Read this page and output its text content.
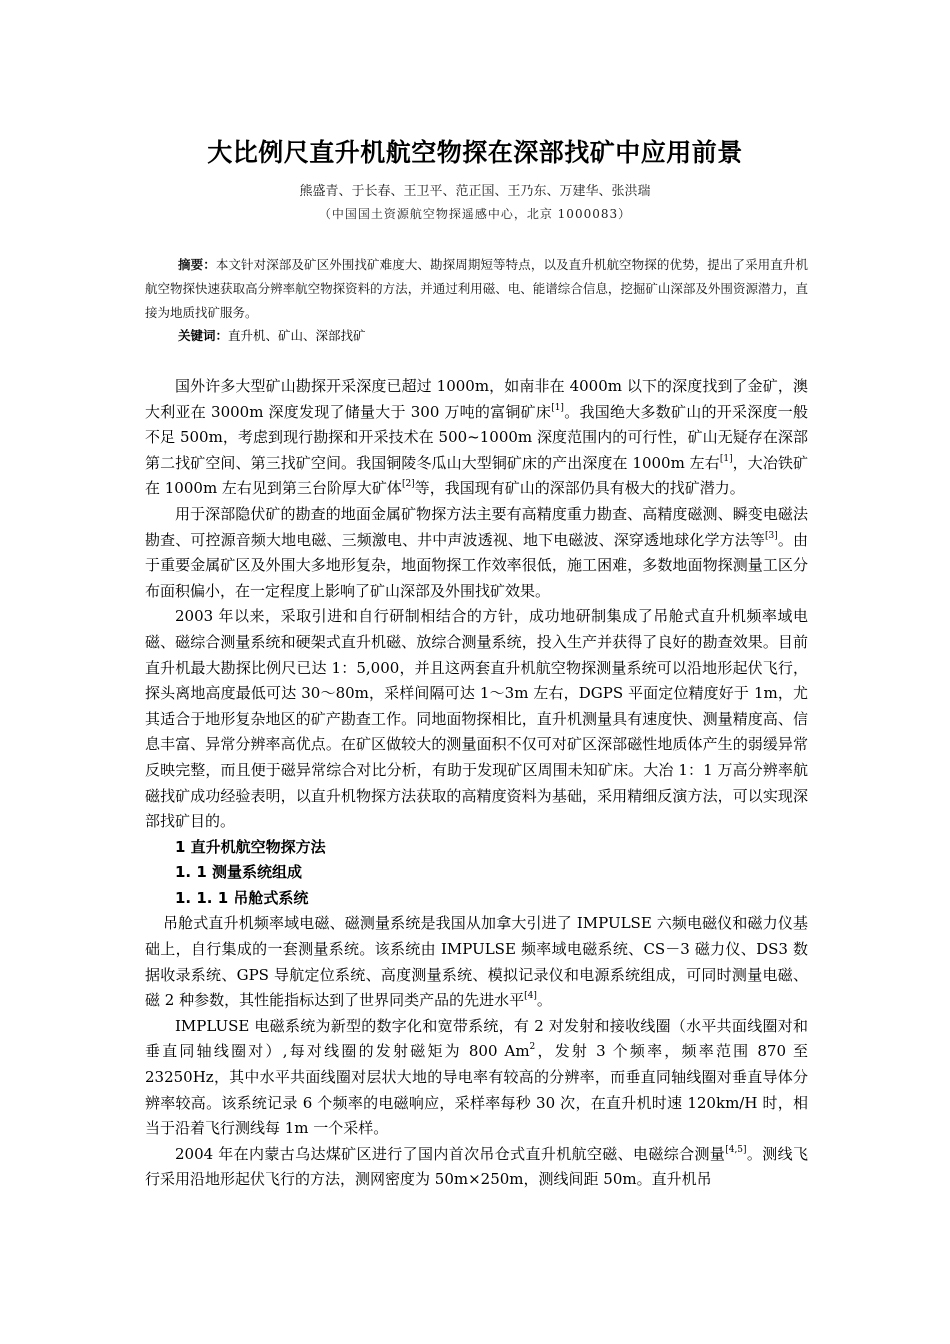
大比例尺直升机航空物探在深部找矿中应用前景
熊盛青、于长春、王卫平、范正国、王乃东、万建华、张洪瑞
（中国国土资源航空物探遥感中心，北京 1000083）

摘要：本文针对深部及矿区外围找矿难度大、勘探周期短等特点，以及直升机航空物探的优势，提出了采用直升机航空物探快速获取高分辨率航空物探资料的方法，并通过利用磁、电、能谱综合信息，挖掘矿山深部及外围资源潜力，直接为地质找矿服务。

关键词：直升机、矿山、深部找矿

国外许多大型矿山勘探开采深度已超过 1000m，如南非在 4000m 以下的深度找到了金矿，澳大利亚在 3000m 深度发现了储量大于 300 万吨的富铜矿床[1]。我国绝大多数矿山的开采深度一般不足 500m，考虑到现行勘探和开采技术在 500~1000m 深度范围内的可行性，矿山无疑存在深部第二找矿空间、第三找矿空间。我国铜陵冬瓜山大型铜矿床的产出深度在 1000m 左右[1]，大冶铁矿在 1000m 左右见到第三台阶厚大矿体[2]等，我国现有矿山的深部仍具有极大的找矿潜力。

用于深部隐伏矿的勘查的地面金属矿物探方法主要有高精度重力勘查、高精度磁测、瞬变电磁法勘查、可控源音频大地电磁、三频激电、井中声波透视、地下电磁波、深穿透地球化学方法等[3]。由于重要金属矿区及外围大多地形复杂，地面物探工作效率很低，施工困难，多数地面物探测量工区分布面积偏小，在一定程度上影响了矿山深部及外围找矿效果。

2003 年以来，采取引进和自行研制相结合的方针，成功地研制集成了吊舱式直升机频率域电磁、磁综合测量系统和硬架式直升机磁、放综合测量系统，投入生产并获得了良好的勘查效果。目前直升机最大勘探比例尺已达 1：5,000，并且这两套直升机航空物探测量系统可以沿地形起伏飞行，探头离地高度最低可达 30～80m，采样间隔可达 1～3m 左右，DGPS 平面定位精度好于 1m，尤其适合于地形复杂地区的矿产勘查工作。同地面物探相比，直升机测量具有速度快、测量精度高、信息丰富、异常分辨率高优点。在矿区做较大的测量面积不仅可对矿区深部磁性地质体产生的弱缓异常反映完整，而且便于磁异常综合对比分析，有助于发现矿区周围未知矿床。大冶 1：1 万高分辨率航磁找矿成功经验表明，以直升机物探方法获取的高精度资料为基础，采用精细反演方法，可以实现深部找矿目的。

1 直升机航空物探方法
1. 1 测量系统组成
1. 1. 1 吊舱式系统

吊舱式直升机频率域电磁、磁测量系统是我国从加拿大引进了 IMPULSE 六频电磁仪和磁力仪基础上，自行集成的一套测量系统。该系统由 IMPULSE 频率域电磁系统、CS－3 磁力仪、DS3 数据收录系统、GPS 导航定位系统、高度测量系统、模拟记录仪和电源系统组成，可同时测量电磁、磁 2 种参数，其性能指标达到了世界同类产品的先进水平[4]。

IMPLUSE 电磁系统为新型的数字化和宽带系统，有 2 对发射和接收线圈（水平共面线圈对和垂直同轴线圈对）,每对线圈的发射磁矩为 800 Am$^2$，发射 3 个频率，频率范围 870 至 23250Hz，其中水平共面线圈对层状大地的导电率有较高的分辨率，而垂直同轴线圈对垂直导体分辨率较高。该系统记录 6 个频率的电磁响应，采样率每秒 30 次，在直升机时速 120km/H 时，相当于沿着飞行测线每 1m 一个采样。

2004 年在内蒙古乌达煤矿区进行了国内首次吊仓式直升机航空磁、电磁综合测量[4,5]。测线飞行采用沿地形起伏飞行的方法，测网密度为 50m×250m，测线间距 50m。直升机吊
